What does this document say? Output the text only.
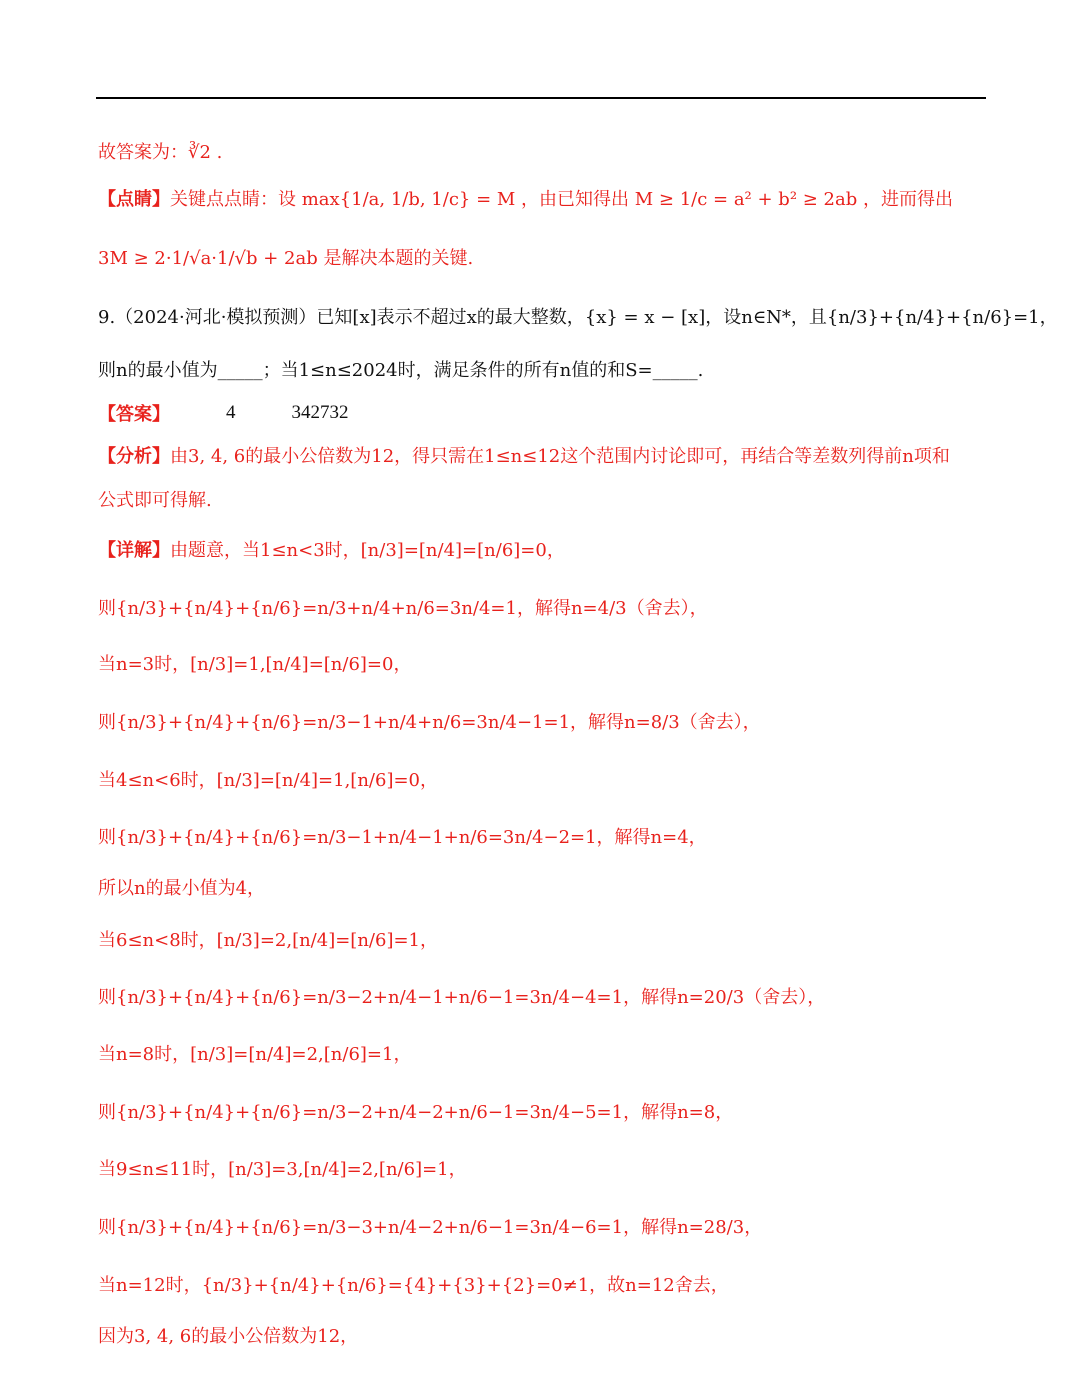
故答案为：∛2 .
【点睛】 关键点点睛：设 max{1/a, 1/b, 1/c} = M ，由已知得出 M ≥ 1/c = a² + b² ≥ 2ab ，进而得出
3M ≥ 2·1/√a·1/√b + 2ab 是解决本题的关键.
9.（2024·河北·模拟预测）已知[x]表示不超过x的最大整数，{x} = x − [x]，设n∈N*，且{n/3}+{n/4}+{n/6}=1，
则n的最小值为_____；当1≤n≤2024时，满足条件的所有n值的和S=_____.
【答案】	4	342732
【分析】 由3, 4, 6的最小公倍数为12，得只需在1≤n≤12这个范围内讨论即可，再结合等差数列得前n项和
公式即可得解.
【详解】 由题意，当1≤n<3时，[n/3]=[n/4]=[n/6]=0，
则{n/3}+{n/4}+{n/6}=n/3+n/4+n/6=3n/4=1，解得n=4/3（舍去），
当n=3时，[n/3]=1,[n/4]=[n/6]=0，
则{n/3}+{n/4}+{n/6}=n/3−1+n/4+n/6=3n/4−1=1，解得n=8/3（舍去），
当4≤n<6时，[n/3]=[n/4]=1,[n/6]=0，
则{n/3}+{n/4}+{n/6}=n/3−1+n/4−1+n/6=3n/4−2=1，解得n=4，
所以n的最小值为4，
当6≤n<8时，[n/3]=2,[n/4]=[n/6]=1，
则{n/3}+{n/4}+{n/6}=n/3−2+n/4−1+n/6−1=3n/4−4=1，解得n=20/3（舍去），
当n=8时，[n/3]=[n/4]=2,[n/6]=1，
则{n/3}+{n/4}+{n/6}=n/3−2+n/4−2+n/6−1=3n/4−5=1，解得n=8，
当9≤n≤11时，[n/3]=3,[n/4]=2,[n/6]=1，
则{n/3}+{n/4}+{n/6}=n/3−3+n/4−2+n/6−1=3n/4−6=1，解得n=28/3，
当n=12时，{n/3}+{n/4}+{n/6}={4}+{3}+{2}=0≠1，故n=12舍去，
因为3, 4, 6的最小公倍数为12，
